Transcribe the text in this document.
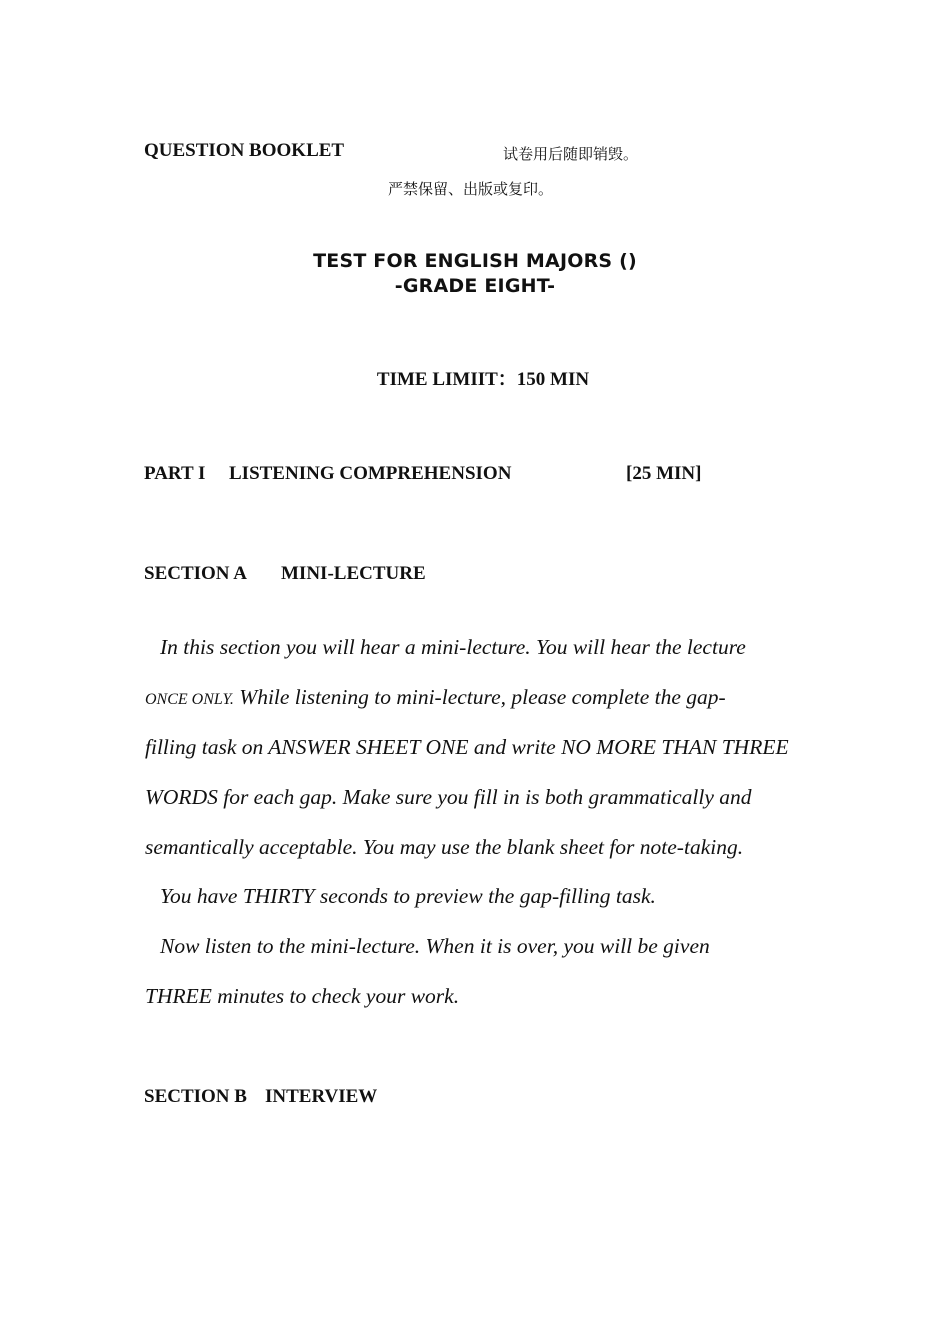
QUESTION BOOKLET	试卷用后随即销毁。
严禁保留、出版或复印。
TEST FOR ENGLISH MAJORS ()
-GRADE EIGHT-
TIME LIMIIT：150 MIN
PART I LISTENING COMPREHENSION	[25 MIN]
SECTION A MINI-LECTURE
In this section you will hear a mini-lecture. You will hear the lecture
ONCE ONLY. While listening to mini-lecture, please complete the gap-
filling task on ANSWER SHEET ONE and write NO MORE THAN THREE
WORDS for each gap. Make sure you fill in is both grammatically and
semantically acceptable. You may use the blank sheet for note-taking.
You have THIRTY seconds to preview the gap-filling task.
Now listen to the mini-lecture. When it is over, you will be given
THREE minutes to check your work.
SECTION B INTERVIEW
